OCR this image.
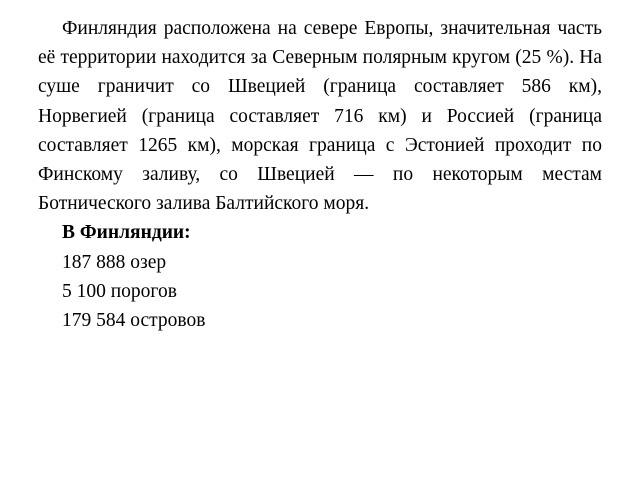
Финляндия расположена на севере Европы, значительная часть её территории находится за Северным полярным кругом (25 %). На суше граничит со Швецией (граница составляет 586 км), Норвегией (граница составляет 716 км) и Россией (граница составляет 1265 км), морская граница с Эстонией проходит по Финскому заливу, со Швецией — по некоторым местам Ботнического залива Балтийского моря.

В Финляндии:

187 888 озер

5 100 порогов

179 584 островов
